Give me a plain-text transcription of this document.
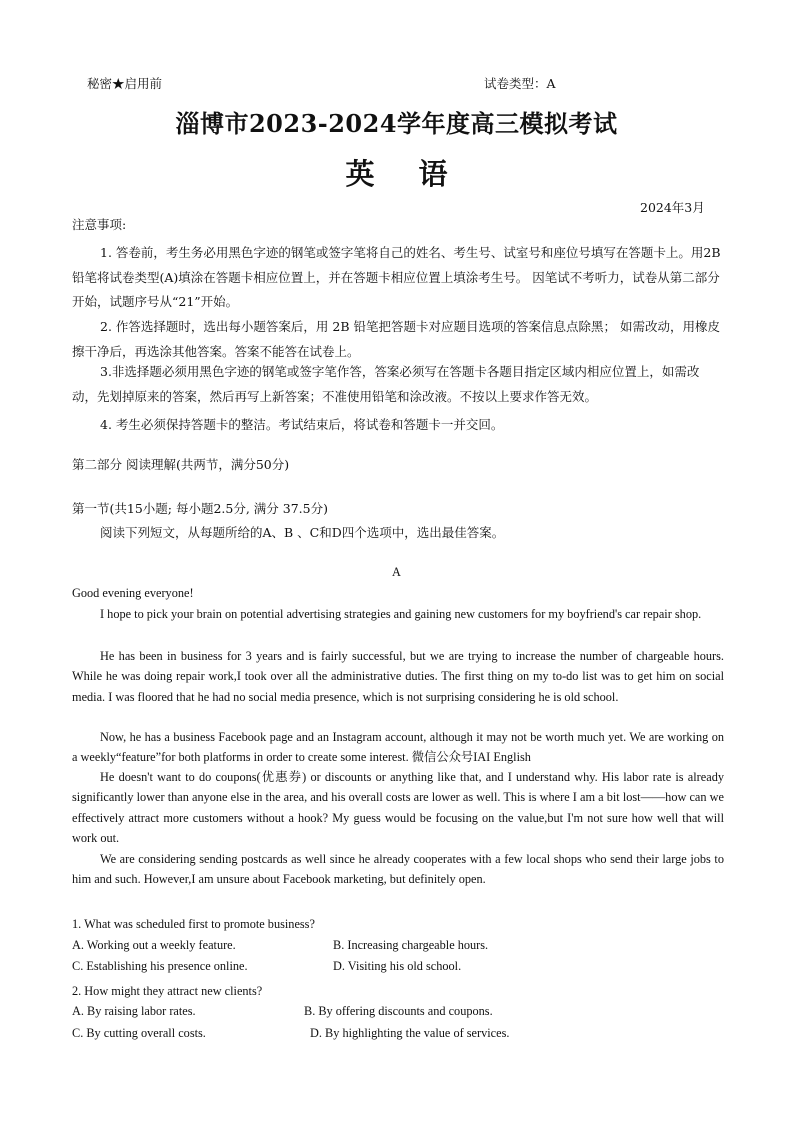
秘密★启用前	试卷类型：A
淄博市2023-2024学年度高三模拟考试
英语
2024年3月
注意事项:
1. 答卷前，考生务必用黑色字迹的钢笔或签字笔将自己的姓名、考生号、试室号和座位号填写在答题卡上。用2B铅笔将试卷类型(A)填涂在答题卡相应位置上，并在答题卡相应位置上填涂考生号。 因笔试不考听力，试卷从第二部分开始，试题序号从“21”开始。
2. 作答选择题时，选出每小题答案后，用 2B 铅笔把答题卡对应题目选项的答案信息点除黑； 如需改动，用橡皮擦干净后，再选涂其他答案。答案不能答在试卷上。
3.非选择题必须用黑色字迹的钢笔或签字笔作答，答案必须写在答题卡各题目指定区域内相应位置上，如需改动，先划掉原来的答案，然后再写上新答案；不准使用铅笔和涂改液。不按以上要求作答无效。
4. 考生必须保持答题卡的整洁。考试结束后，将试卷和答题卡一并交回。
第二部分 阅读理解(共两节，满分50分)
第一节(共15小题; 每小题2.5分, 满分 37.5分)
阅读下列短文，从每题所给的A、B 、C和D四个选项中，选出最佳答案。
A
Good evening everyone!
I hope to pick your brain on potential advertising strategies and gaining new customers for my boyfriend's car repair shop.
He has been in business for 3 years and is fairly successful, but we are trying to increase the number of chargeable hours. While he was doing repair work,I took over all the administrative duties. The first thing on my to-do list was to get him on social media. I was floored that he had no social media presence, which is not surprising considering he is old school.
Now, he has a business Facebook page and an Instagram account, although it may not be worth much yet. We are working on a weekly“feature”for both platforms in order to create some interest. 微信公众号IAI English
He doesn't want to do coupons(优惠券) or discounts or anything like that, and I understand why. His labor rate is already significantly lower than anyone else in the area, and his overall costs are lower as well. This is where I am a bit lost——how can we effectively attract more customers without a hook? My guess would be focusing on the value,but I'm not sure how well that will work out.
We are considering sending postcards as well since he already cooperates with a few local shops who send their large jobs to him and such. However,I am unsure about Facebook marketing, but definitely open.
1. What was scheduled first to promote business?
A. Working out a weekly feature.	B. Increasing chargeable hours.
C. Establishing his presence online.	D. Visiting his old school.
2. How might they attract new clients?
A. By raising labor rates.	B. By offering discounts and coupons.
C. By cutting overall costs.	D. By highlighting the value of services.
